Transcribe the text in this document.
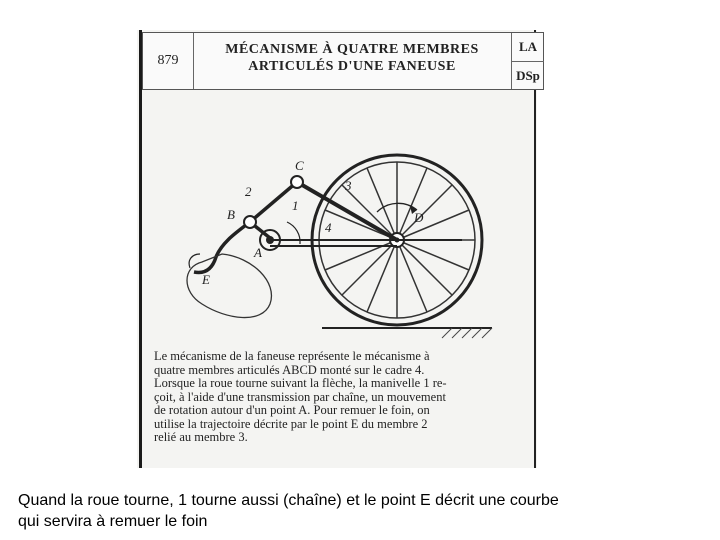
879
MÉCANISME À QUATRE MEMBRES
ARTICULÉS D'UNE FANEUSE
LA
DSp
C
B
A
D
E
1
2	3
4
Le mécanisme de la faneuse représente le mécanisme à
quatre membres articulés ABCD monté sur le cadre 4.
Lorsque la roue tourne suivant la flèche, la manivelle 1 re-
çoit, à l'aide d'une transmission par chaîne, un mouvement
de rotation autour d'un point A. Pour remuer le foin, on
utilise la trajectoire décrite par le point E du membre 2
relié au membre 3.
Quand la roue tourne, 1 tourne aussi (chaîne) et le point E décrit une courbe
qui servira à remuer le foin
